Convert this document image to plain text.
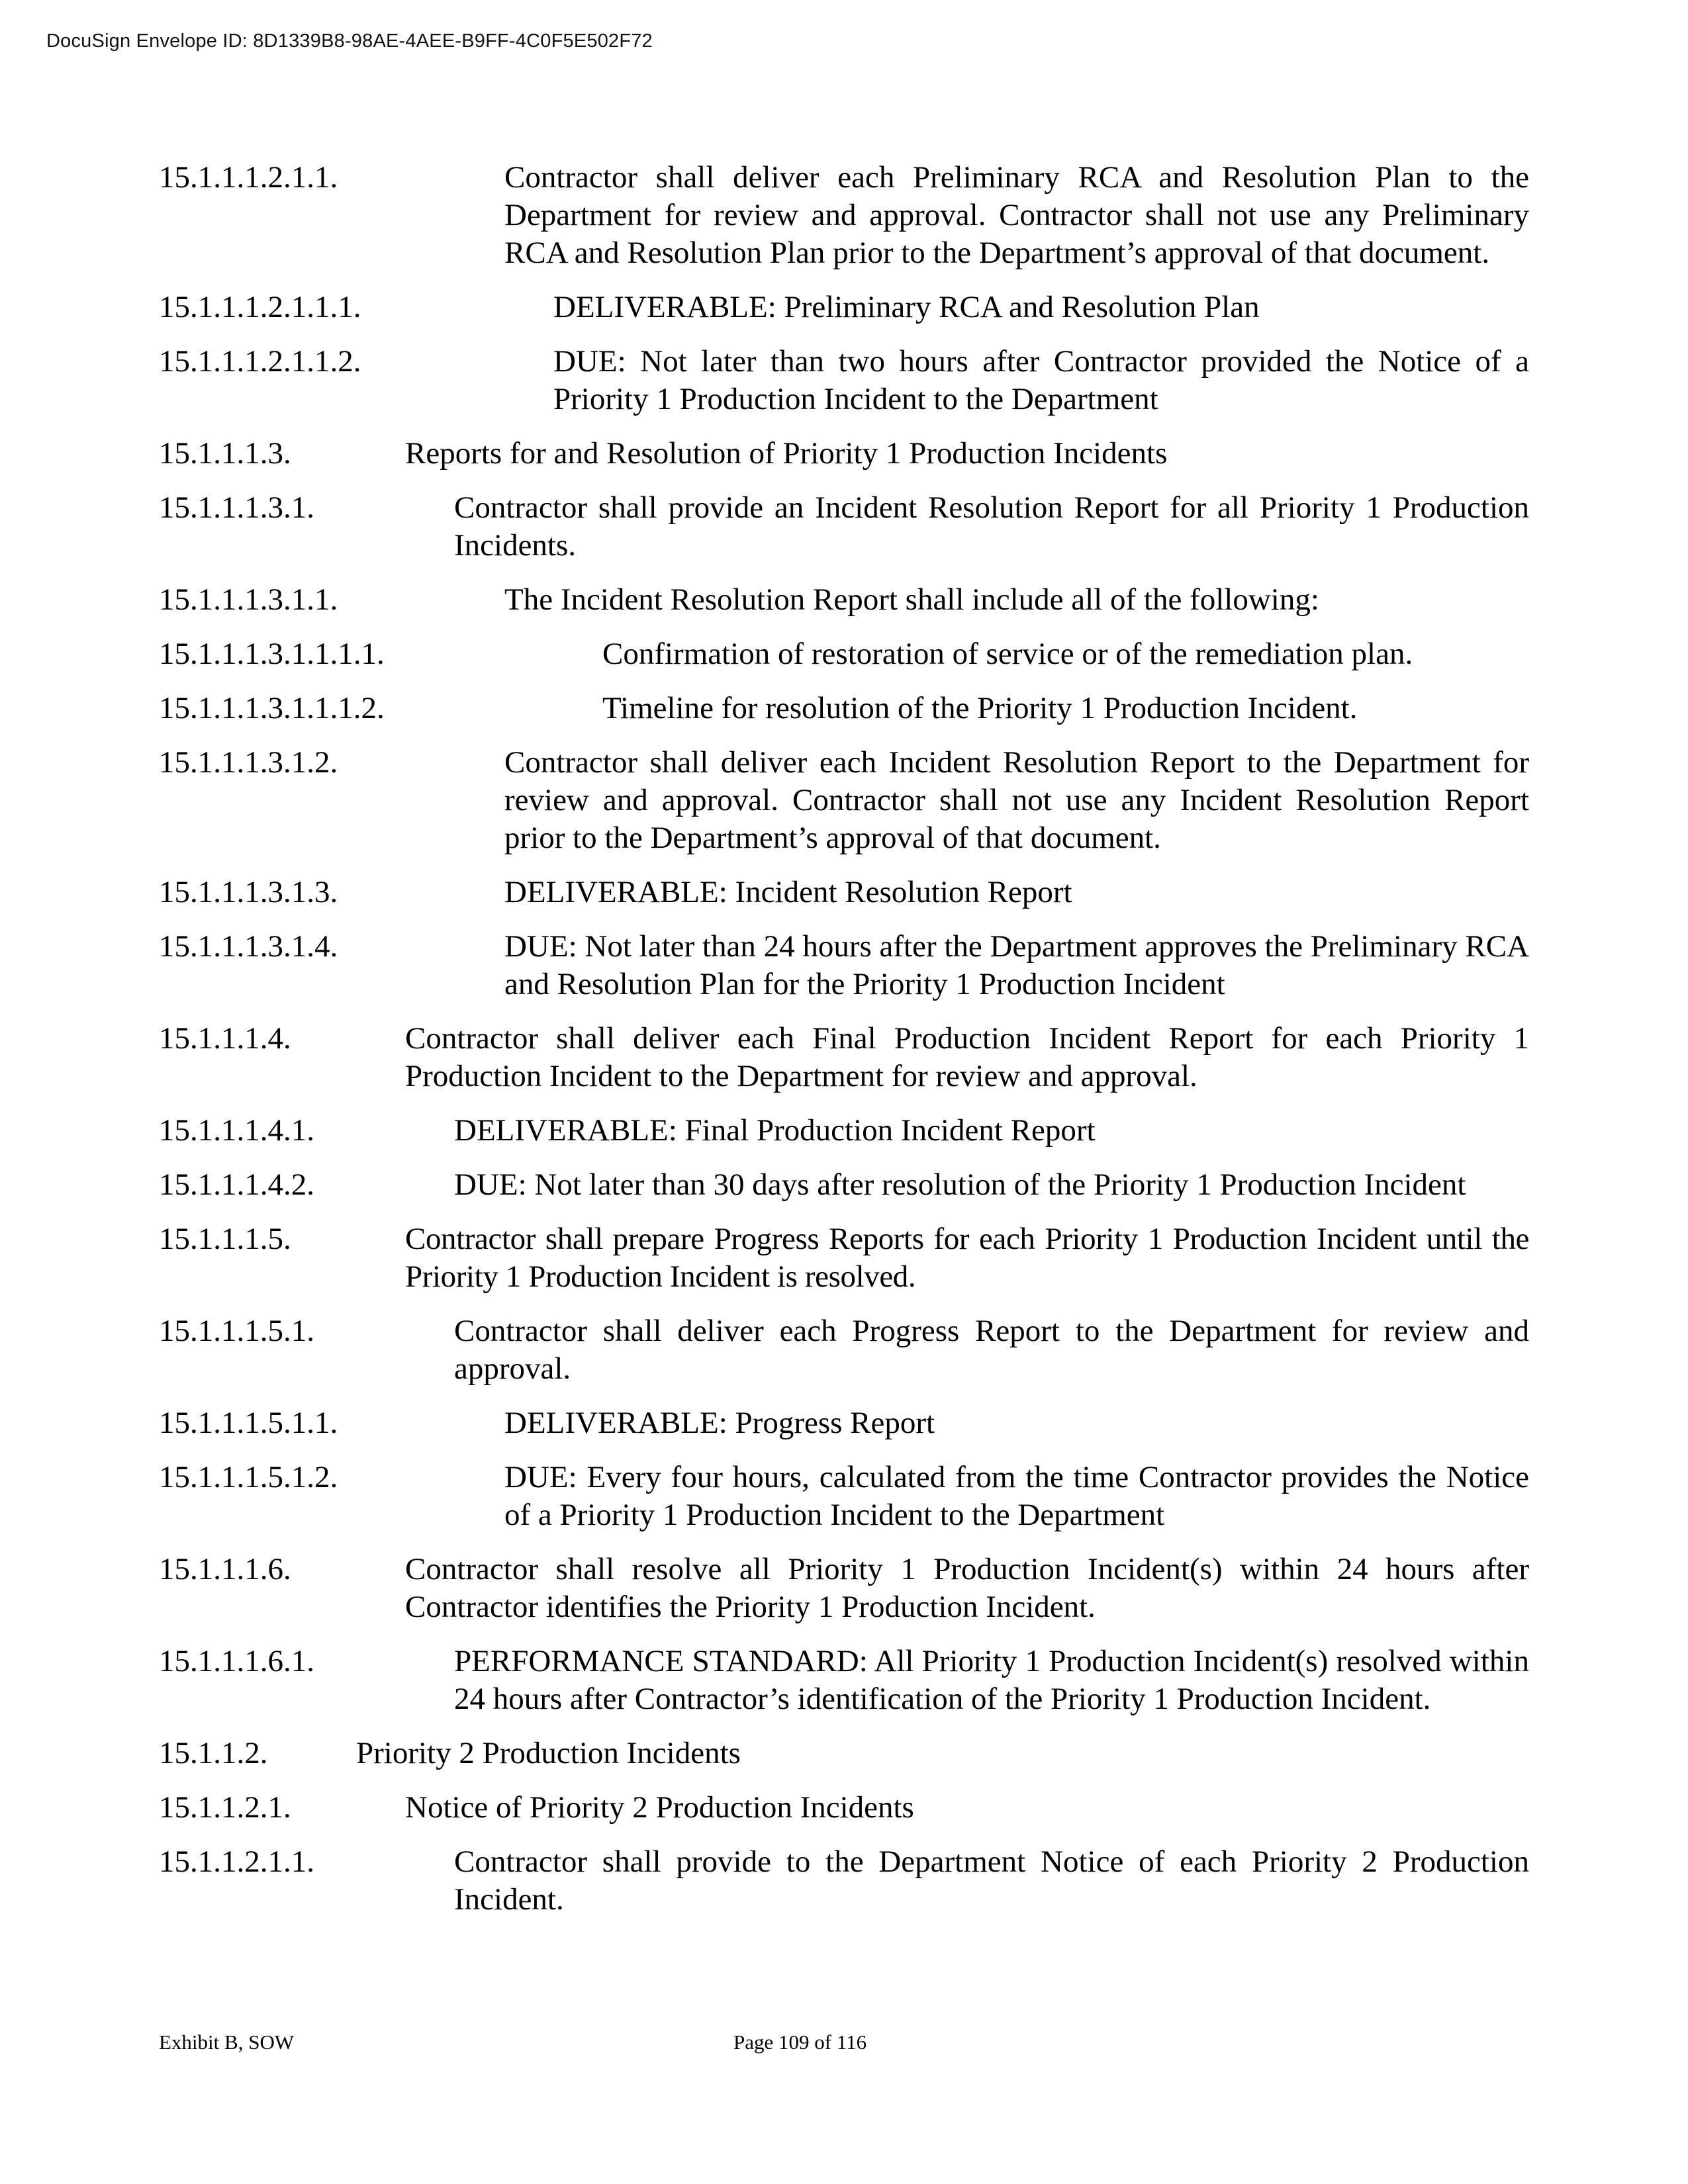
DocuSign Envelope ID: 8D1339B8-98AE-4AEE-B9FF-4C0F5E502F72
15.1.1.1.2.1.1.	Contractor shall deliver each Preliminary RCA and Resolution Plan to the Department for review and approval. Contractor shall not use any Preliminary RCA and Resolution Plan prior to the Department’s approval of that document.
15.1.1.1.2.1.1.1.	DELIVERABLE: Preliminary RCA and Resolution Plan
15.1.1.1.2.1.1.2.	DUE: Not later than two hours after Contractor provided the Notice of a Priority 1 Production Incident to the Department
15.1.1.1.3.	Reports for and Resolution of Priority 1 Production Incidents
15.1.1.1.3.1.	Contractor shall provide an Incident Resolution Report for all Priority 1 Production Incidents.
15.1.1.1.3.1.1.	The Incident Resolution Report shall include all of the following:
15.1.1.1.3.1.1.1.1.	Confirmation of restoration of service or of the remediation plan.
15.1.1.1.3.1.1.1.2.	Timeline for resolution of the Priority 1 Production Incident.
15.1.1.1.3.1.2.	Contractor shall deliver each Incident Resolution Report to the Department for review and approval. Contractor shall not use any Incident Resolution Report prior to the Department’s approval of that document.
15.1.1.1.3.1.3.	DELIVERABLE: Incident Resolution Report
15.1.1.1.3.1.4.	DUE: Not later than 24 hours after the Department approves the Preliminary RCA and Resolution Plan for the Priority 1 Production Incident
15.1.1.1.4.	Contractor shall deliver each Final Production Incident Report for each Priority 1 Production Incident to the Department for review and approval.
15.1.1.1.4.1.	DELIVERABLE: Final Production Incident Report
15.1.1.1.4.2.	DUE: Not later than 30 days after resolution of the Priority 1 Production Incident
15.1.1.1.5.	Contractor shall prepare Progress Reports for each Priority 1 Production Incident until the Priority 1 Production Incident is resolved.
15.1.1.1.5.1.	Contractor shall deliver each Progress Report to the Department for review and approval.
15.1.1.1.5.1.1.	DELIVERABLE: Progress Report
15.1.1.1.5.1.2.	DUE: Every four hours, calculated from the time Contractor provides the Notice of a Priority 1 Production Incident to the Department
15.1.1.1.6.	Contractor shall resolve all Priority 1 Production Incident(s) within 24 hours after Contractor identifies the Priority 1 Production Incident.
15.1.1.1.6.1.	PERFORMANCE STANDARD: All Priority 1 Production Incident(s) resolved within 24 hours after Contractor’s identification of the Priority 1 Production Incident.
15.1.1.2.	Priority 2 Production Incidents
15.1.1.2.1.	Notice of Priority 2 Production Incidents
15.1.1.2.1.1.	Contractor shall provide to the Department Notice of each Priority 2 Production Incident.
Exhibit B, SOW	Page 109 of 116
